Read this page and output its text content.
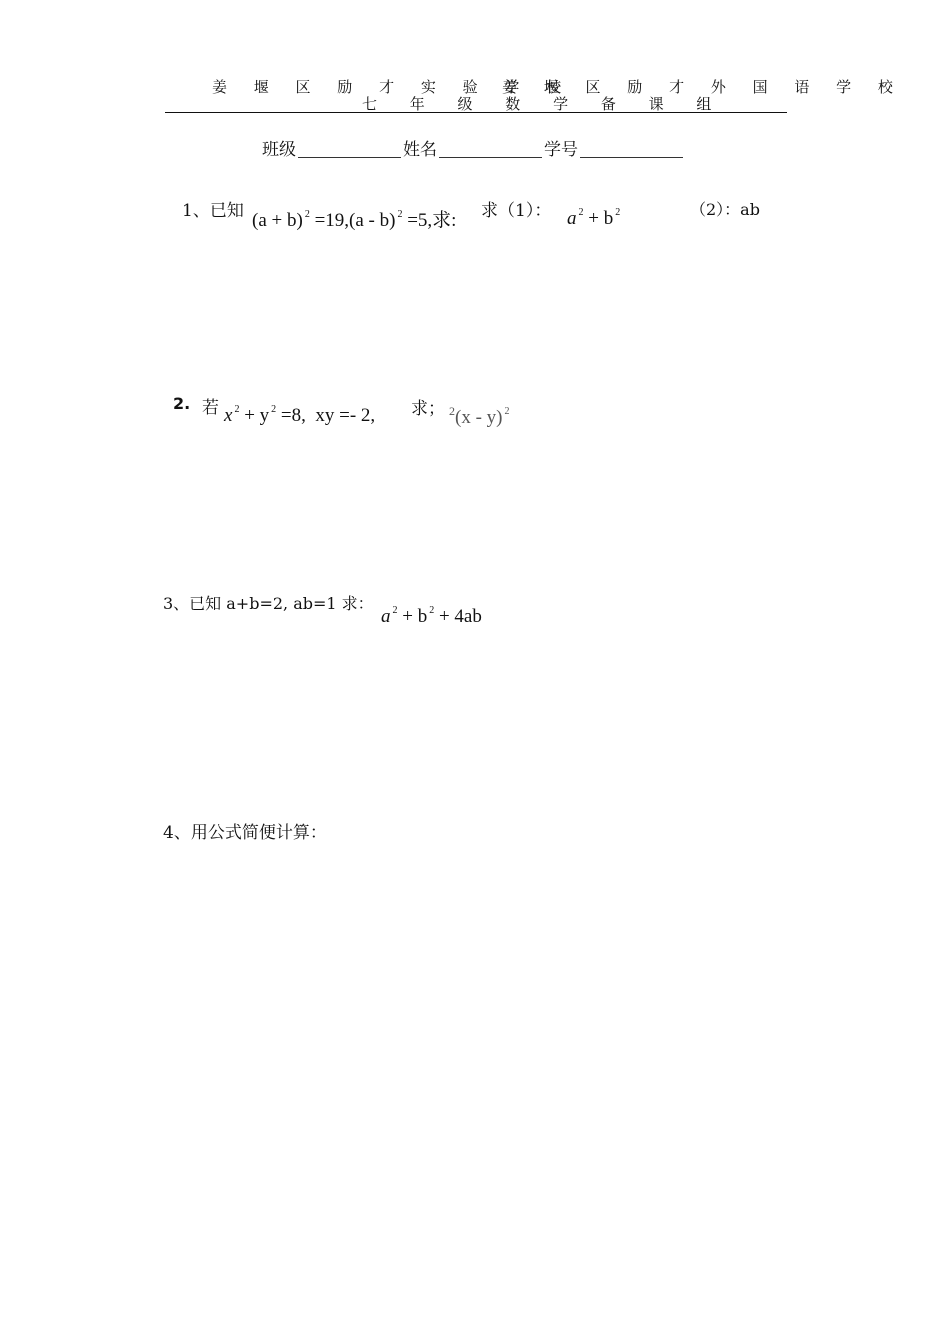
姜 堰 区 励 才 实 验 学 校
姜 堰 区 励 才 外 国 语 学 校
七 年 级 数 学 备 课 组
班级	姓名	学号
1、已知 (a + b) $^2$ =19,(a - b) $^2$ =5,求: 求（1）： a $^2$ + b $^2$	（2）：ab
2. 若 x $^2$ + y $^2$ =8, xy =- 2, 求； $^2$(x - y) $^2$
3、已知 a+b=2, ab=1 求：
a $^2$ + b $^2$ + 4ab
4、用公式简便计算：
